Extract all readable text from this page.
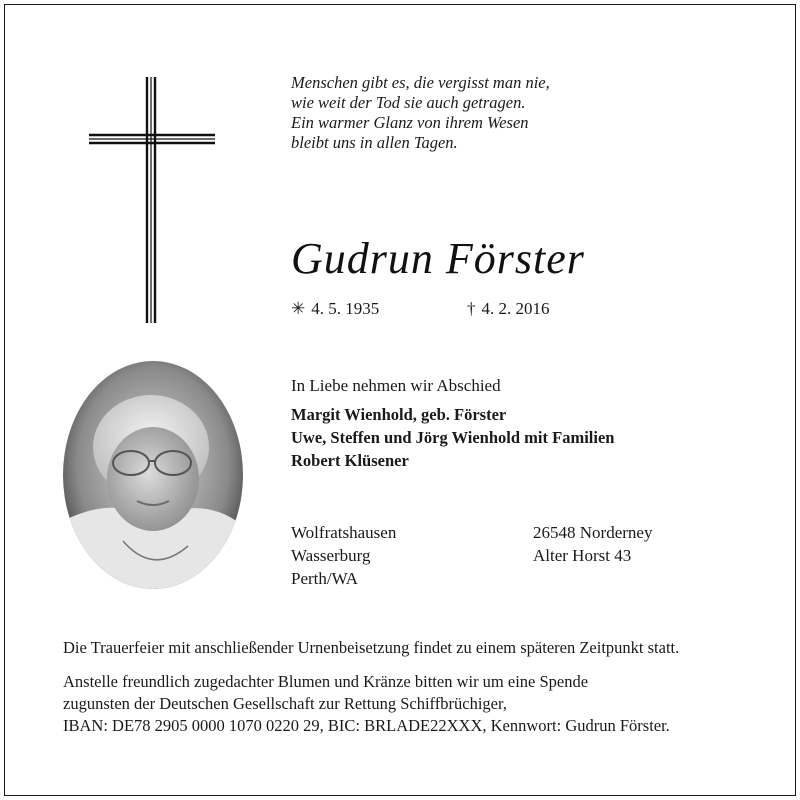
Menschen gibt es, die vergisst man nie,
wie weit der Tod sie auch getragen.
Ein warmer Glanz von ihrem Wesen
bleibt uns in allen Tagen.
Gudrun Förster
✳ 4. 5. 1935	† 4. 2. 2016
In Liebe nehmen wir Abschied
Margit Wienhold, geb. Förster
Uwe, Steffen und Jörg Wienhold mit Familien
Robert Klüsener
Wolfratshausen
Wasserburg
Perth/WA
26548 Norderney
Alter Horst 43
Die Trauerfeier mit anschließender Urnenbeisetzung findet zu einem späteren Zeitpunkt statt.
Anstelle freundlich zugedachter Blumen und Kränze bitten wir um eine Spende
zugunsten der Deutschen Gesellschaft zur Rettung Schiffbrüchiger,
IBAN: DE78 2905 0000 1070 0220 29, BIC: BRLADE22XXX, Kennwort: Gudrun Förster.
